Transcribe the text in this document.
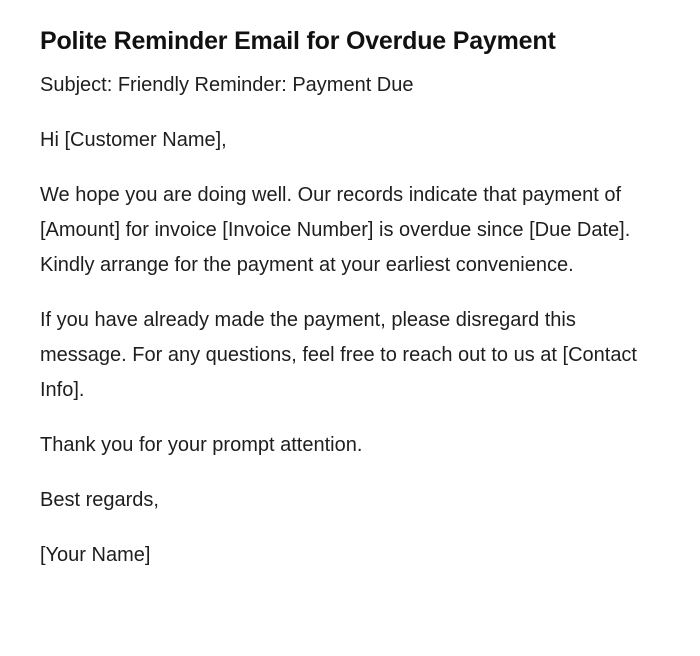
Polite Reminder Email for Overdue Payment

Subject: Friendly Reminder: Payment Due

Hi [Customer Name],

We hope you are doing well. Our records indicate that payment of [Amount] for invoice [Invoice Number] is overdue since [Due Date]. Kindly arrange for the payment at your earliest convenience.

If you have already made the payment, please disregard this message. For any questions, feel free to reach out to us at [Contact Info].

Thank you for your prompt attention.

Best regards,

[Your Name]
